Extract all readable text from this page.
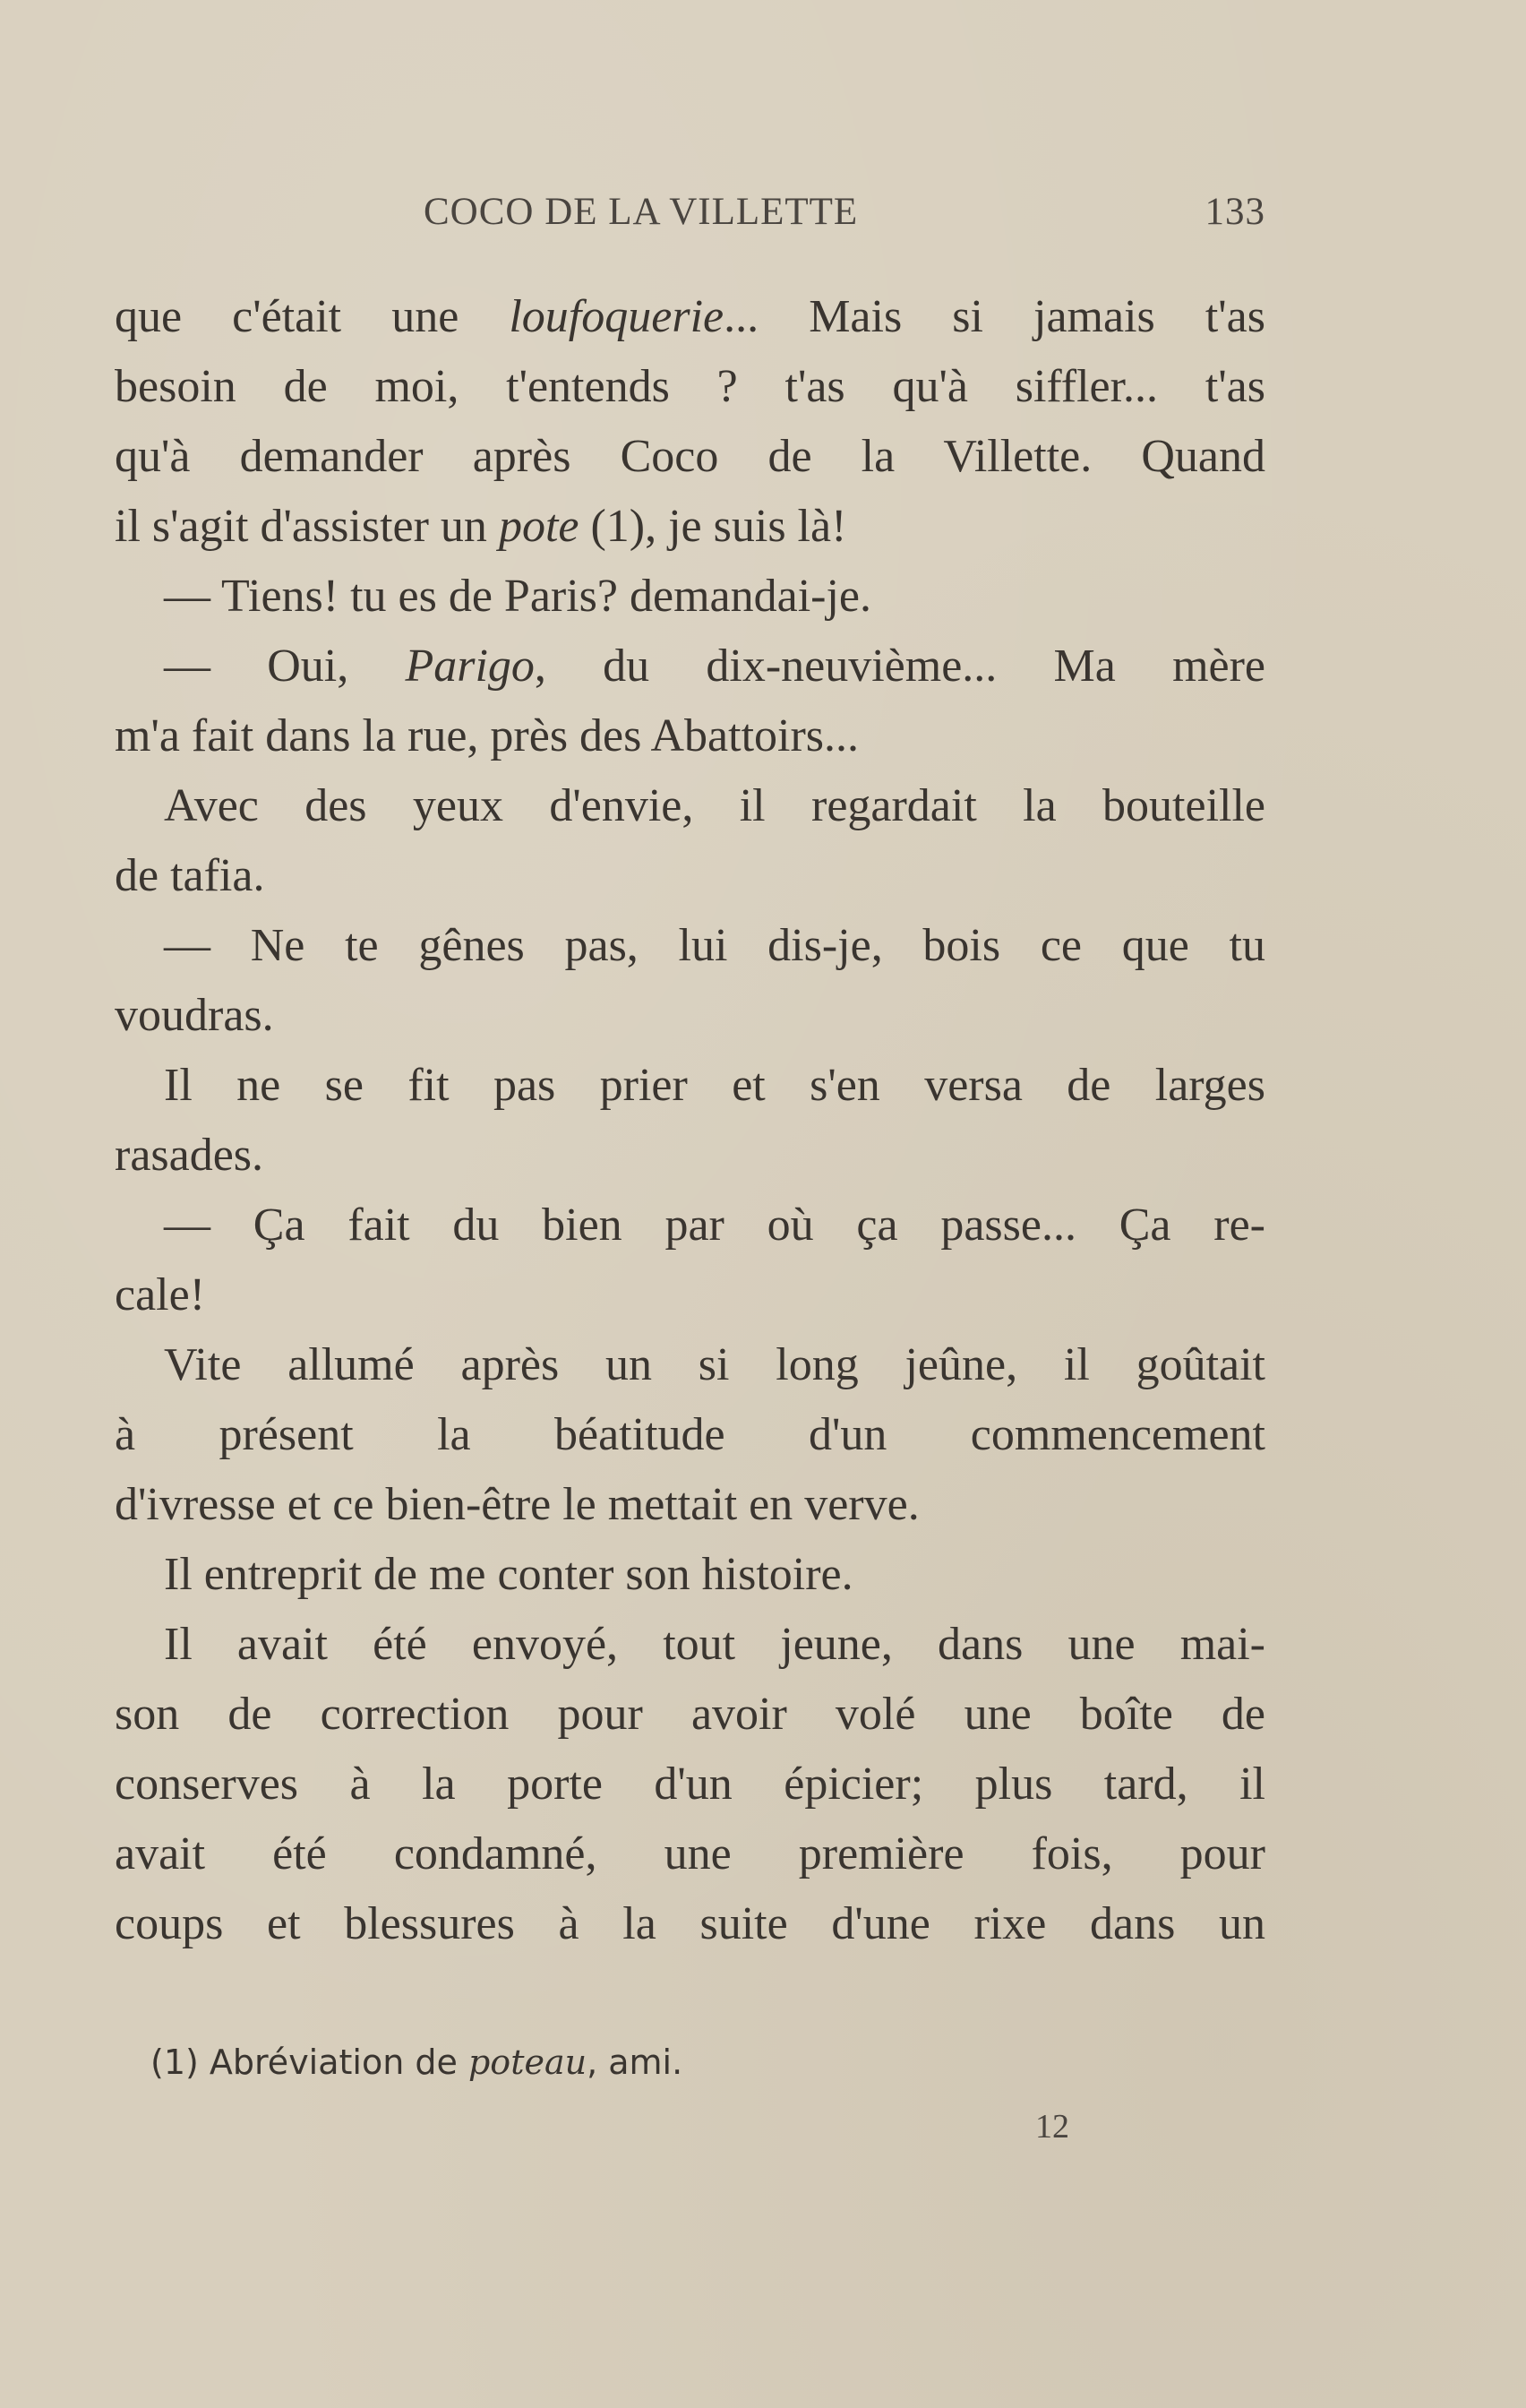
COCO DE LA VILLETTE	133
que c'était une loufoquerie... Mais si jamais t'as
besoin de moi, t'entends ? t'as qu'à siffler... t'as
qu'à demander après Coco de la Villette. Quand
il s'agit d'assister un pote (1), je suis là!
— Tiens! tu es de Paris? demandai-je.
— Oui, Parigo, du dix-neuvième... Ma mère
m'a fait dans la rue, près des Abattoirs...
Avec des yeux d'envie, il regardait la bouteille
de tafia.
— Ne te gênes pas, lui dis-je, bois ce que tu
voudras.
Il ne se fit pas prier et s'en versa de larges
rasades.
— Ça fait du bien par où ça passe... Ça re-
cale!
Vite allumé après un si long jeûne, il goûtait
à présent la béatitude d'un commencement
d'ivresse et ce bien-être le mettait en verve.
Il entreprit de me conter son histoire.
Il avait été envoyé, tout jeune, dans une mai-
son de correction pour avoir volé une boîte de
conserves à la porte d'un épicier; plus tard, il
avait été condamné, une première fois, pour
coups et blessures à la suite d'une rixe dans un
(1) Abréviation de poteau, ami.
12
